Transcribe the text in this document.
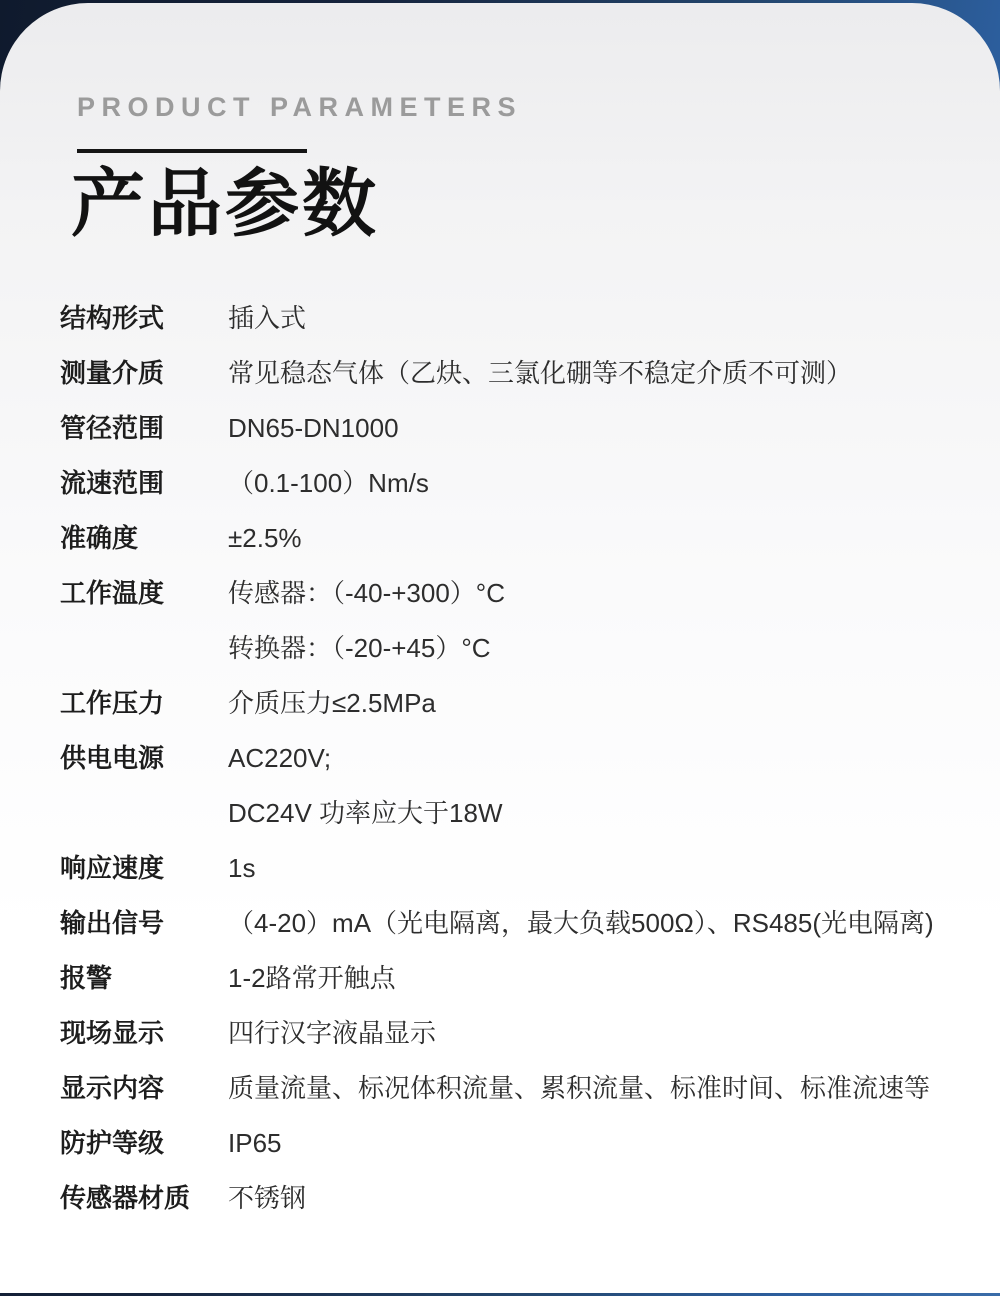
PRODUCT PARAMETERS
产品参数
结构形式	插入式
测量介质	常见稳态气体（乙炔、三氯化硼等不稳定介质不可测）
管径范围	DN65-DN1000
流速范围	（0.1-100）Nm/s
准确度	±2.5%
工作温度	传感器：（-40-+300）°C
转换器：（-20-+45）°C
工作压力	介质压力≤2.5MPa
供电电源	AC220V;
DC24V 功率应大于18W
响应速度	1s
输出信号	（4-20）mA（光电隔离，最大负载500Ω）、RS485(光电隔离)
报警	1-2路常开触点
现场显示	四行汉字液晶显示
显示内容	质量流量、标况体积流量、累积流量、标准时间、标准流速等
防护等级	IP65
传感器材质	不锈钢
